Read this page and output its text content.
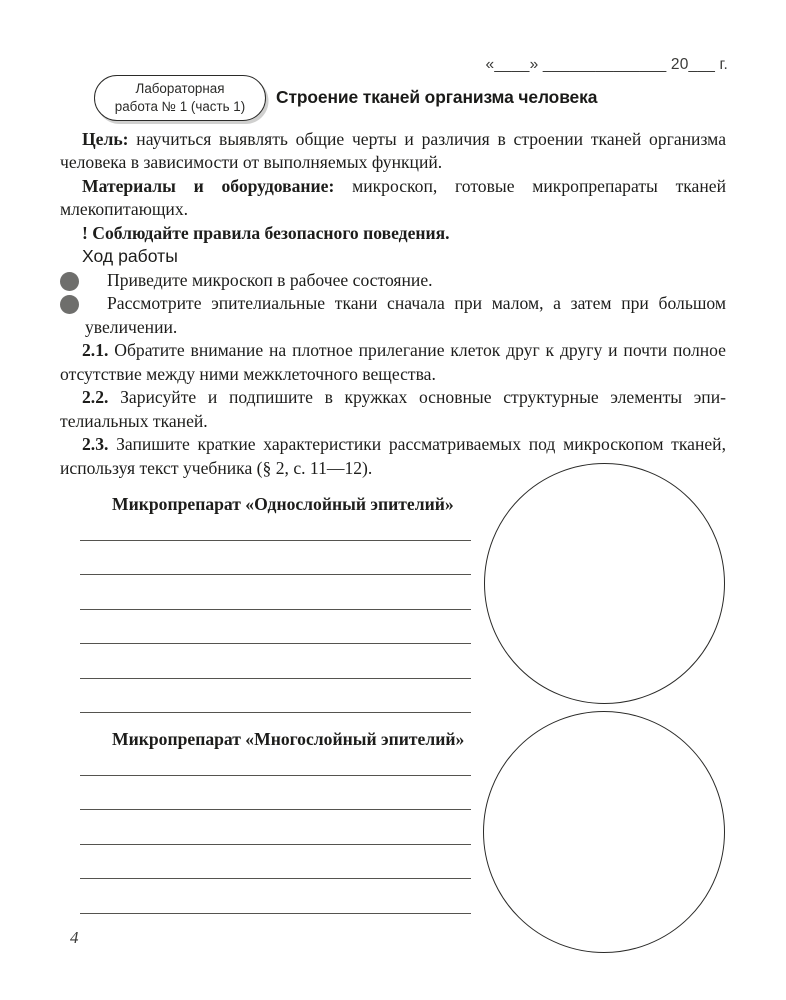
«____» ______________ 20___ г.
Лабораторная
работа № 1 (часть 1) Строение тканей организма человека

Цель: научиться выявлять общие черты и различия в строении тканей организма человека в зависимости от выполняемых функций.

Материалы и оборудование: микроскоп, готовые микропрепараты тканей млекопитающих.

! Соблюдайте правила безопасного поведения.

Ход работы

1 Приведите микроскоп в рабочее состояние.

2 Рассмотрите эпителиальные ткани сначала при малом, а затем при большом увеличении.

2.1. Обратите внимание на плотное прилегание клеток друг к другу и почти полное отсутствие между ними межклеточного вещества.

2.2. Зарисуйте и подпишите в кружках основные структурные элементы эпителиальных тканей.

2.3. Запишите краткие характеристики рассматриваемых под микроскопом тканей, используя текст учебника (§ 2, с. 11—12).

Микропрепарат «Однослойный эпителий»

Микропрепарат «Многослойный эпителий»

4
